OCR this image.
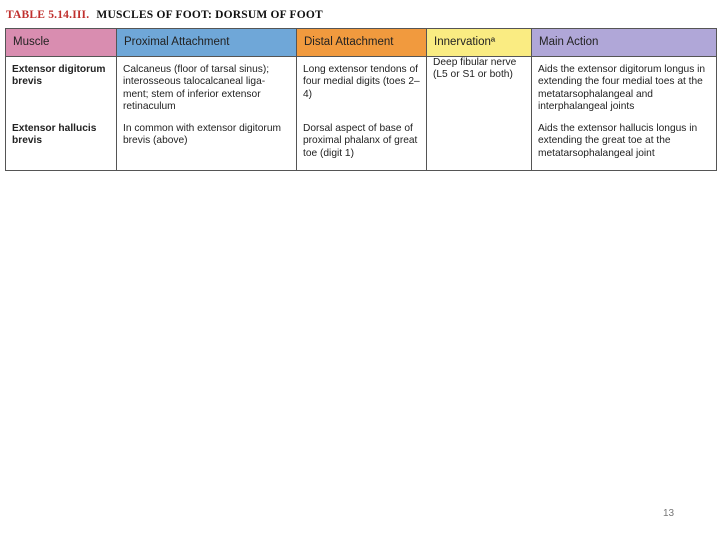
TABLE 5.14.III. MUSCLES OF FOOT: DORSUM OF FOOT
Muscle	Proximal Attachment	Distal Attachment	Innervationª	Main Action
Extensor digitorum brevis	Calcaneus (floor of tarsal sinus); interosseous talocalcaneal liga-ment; stem of inferior extensor retinaculum	Long extensor tendons of four medial digits (toes 2–4)	Deep fibular nerve (L5 or S1 or both)	Aids the extensor digitorum longus in extending the four medial toes at the metatarsophalangeal and interphalangeal joints
Extensor hallucis brevis	In common with extensor digitorum brevis (above)	Dorsal aspect of base of proximal phalanx of great toe (digit 1)		Aids the extensor hallucis longus in extending the great toe at the metatarsophalangeal joint
13
